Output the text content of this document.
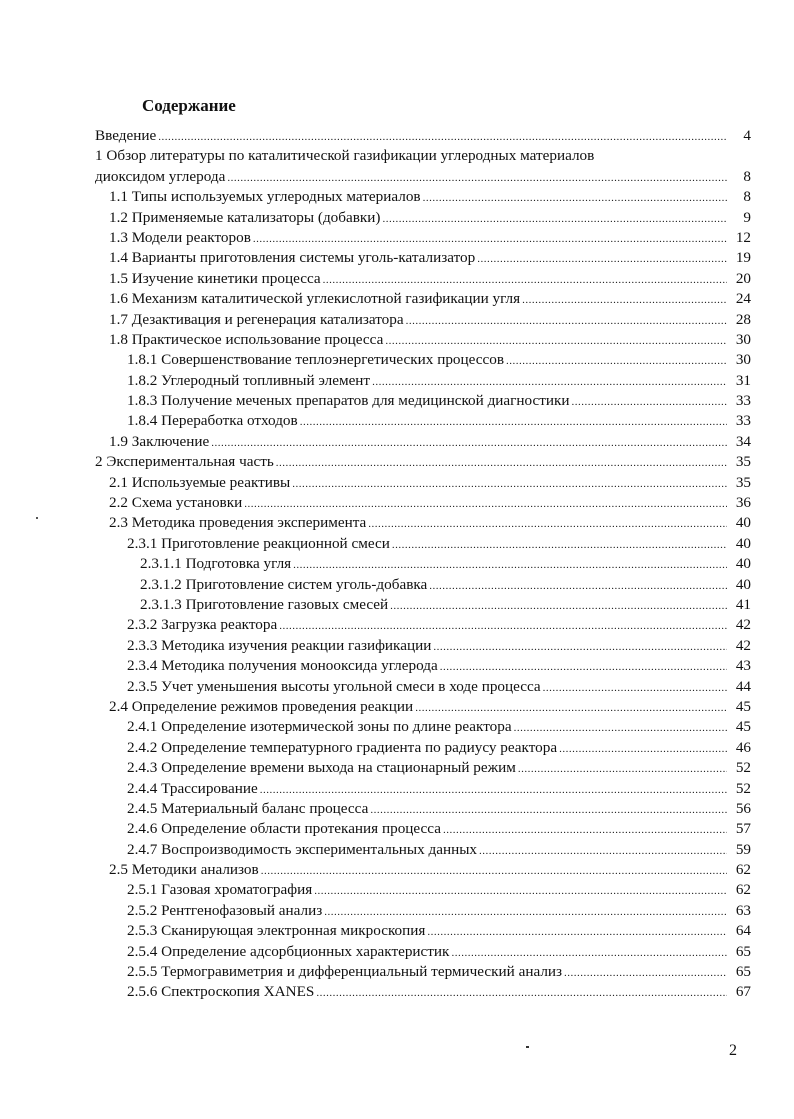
Содержание
Введение .....	4
1 Обзор литературы по каталитической газификации углеродных материалов
диоксидом углерода .....	8
1.1 Типы используемых углеродных материалов .....	8
1.2 Применяемые катализаторы (добавки) .....	9
1.3 Модели реакторов .....	12
1.4 Варианты приготовления системы уголь-катализатор .....	19
1.5 Изучение кинетики процесса .....	20
1.6 Механизм каталитической углекислотной газификации угля .....	24
1.7 Дезактивация и регенерация катализатора .....	28
1.8 Практическое использование процесса .....	30
1.8.1 Совершенствование теплоэнергетических процессов .....	30
1.8.2 Углеродный топливный элемент .....	31
1.8.3 Получение меченых препаратов для медицинской диагностики .....	33
1.8.4 Переработка отходов .....	33
1.9 Заключение .....	34
2 Экспериментальная часть .....	35
2.1 Используемые реактивы .....	35
2.2 Схема установки .....	36
2.3 Методика проведения эксперимента .....	40
2.3.1 Приготовление реакционной смеси .....	40
2.3.1.1 Подготовка угля .....	40
2.3.1.2 Приготовление систем уголь-добавка .....	40
2.3.1.3 Приготовление газовых смесей .....	41
2.3.2 Загрузка реактора .....	42
2.3.3 Методика изучения реакции газификации .....	42
2.3.4 Методика получения монооксида углерода .....	43
2.3.5 Учет уменьшения высоты угольной смеси в ходе процесса .....	44
2.4 Определение режимов проведения реакции .....	45
2.4.1 Определение изотермической зоны по длине реактора .....	45
2.4.2 Определение температурного градиента по радиусу реактора .....	46
2.4.3 Определение времени выхода на стационарный режим .....	52
2.4.4 Трассирование .....	52
2.4.5 Материальный баланс процесса .....	56
2.4.6 Определение области протекания процесса .....	57
2.4.7 Воспроизводимость экспериментальных данных .....	59
2.5 Методики анализов .....	62
2.5.1 Газовая хроматография .....	62
2.5.2 Рентгенофазовый анализ .....	63
2.5.3 Сканирующая электронная микроскопия .....	64
2.5.4 Определение адсорбционных характеристик .....	65
2.5.5 Термогравиметрия и дифференциальный термический анализ .....	65
2.5.6 Спектроскопия XANES .....	67
2
